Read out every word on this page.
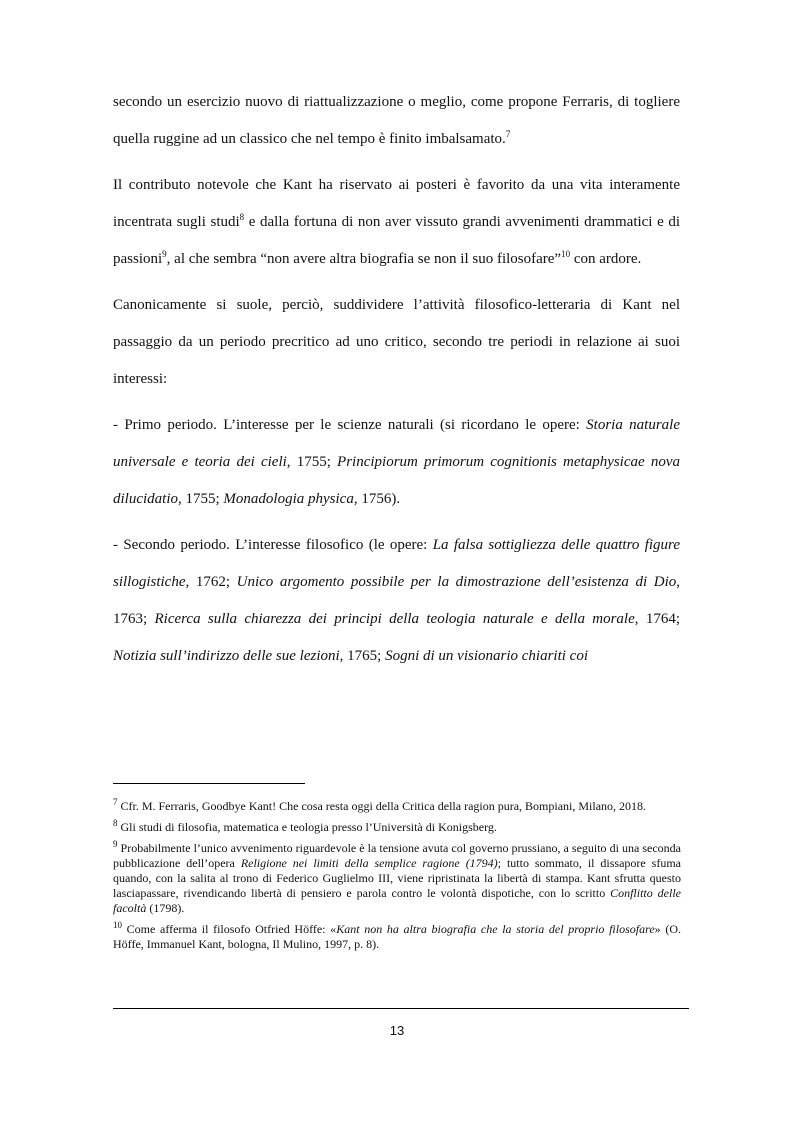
secondo un esercizio nuovo di riattualizzazione o meglio, come propone Ferraris, di togliere quella ruggine ad un classico che nel tempo è finito imbalsamato.$^7$

Il contributo notevole che Kant ha riservato ai posteri è favorito da una vita interamente incentrata sugli studi$^8$ e dalla fortuna di non aver vissuto grandi avvenimenti drammatici e di passioni$^9$, al che sembra “non avere altra biografia se non il suo filosofare”$^{10}$ con ardore.

Canonicamente si suole, perciò, suddividere l’attività filosofico-letteraria di Kant nel passaggio da un periodo precritico ad uno critico, secondo tre periodi in relazione ai suoi interessi:

- Primo periodo. L’interesse per le scienze naturali (si ricordano le opere: Storia naturale universale e teoria dei cieli, 1755; Principiorum primorum cognitionis metaphysicae nova dilucidatio, 1755; Monadologia physica, 1756).

- Secondo periodo. L’interesse filosofico (le opere: La falsa sottigliezza delle quattro figure sillogistiche, 1762; Unico argomento possibile per la dimostrazione dell’esistenza di Dio, 1763; Ricerca sulla chiarezza dei principi della teologia naturale e della morale, 1764; Notizia sull’indirizzo delle sue lezioni, 1765; Sogni di un visionario chiariti coi

$^7$ Cfr. M. Ferraris, Goodbye Kant! Che cosa resta oggi della Critica della ragion pura, Bompiani, Milano, 2018.

$^8$ Gli studi di filosofia, matematica e teologia presso l’Università di Konigsberg.

$^9$ Probabilmente l’unico avvenimento riguardevole è la tensione avuta col governo prussiano, a seguito di una seconda pubblicazione dell’opera Religione nei limiti della semplice ragione (1794); tutto sommato, il dissapore sfuma quando, con la salita al trono di Federico Guglielmo III, viene ripristinata la libertà di stampa. Kant sfrutta questo lasciapassare, rivendicando libertà di pensiero e parola contro le volontà dispotiche, con lo scritto Conflitto delle facoltà (1798).

$^{10}$ Come afferma il filosofo Otfried Höffe: «Kant non ha altra biografia che la storia del proprio filosofare» (O. Höffe, Immanuel Kant, bologna, Il Mulino, 1997, p. 8).

13
